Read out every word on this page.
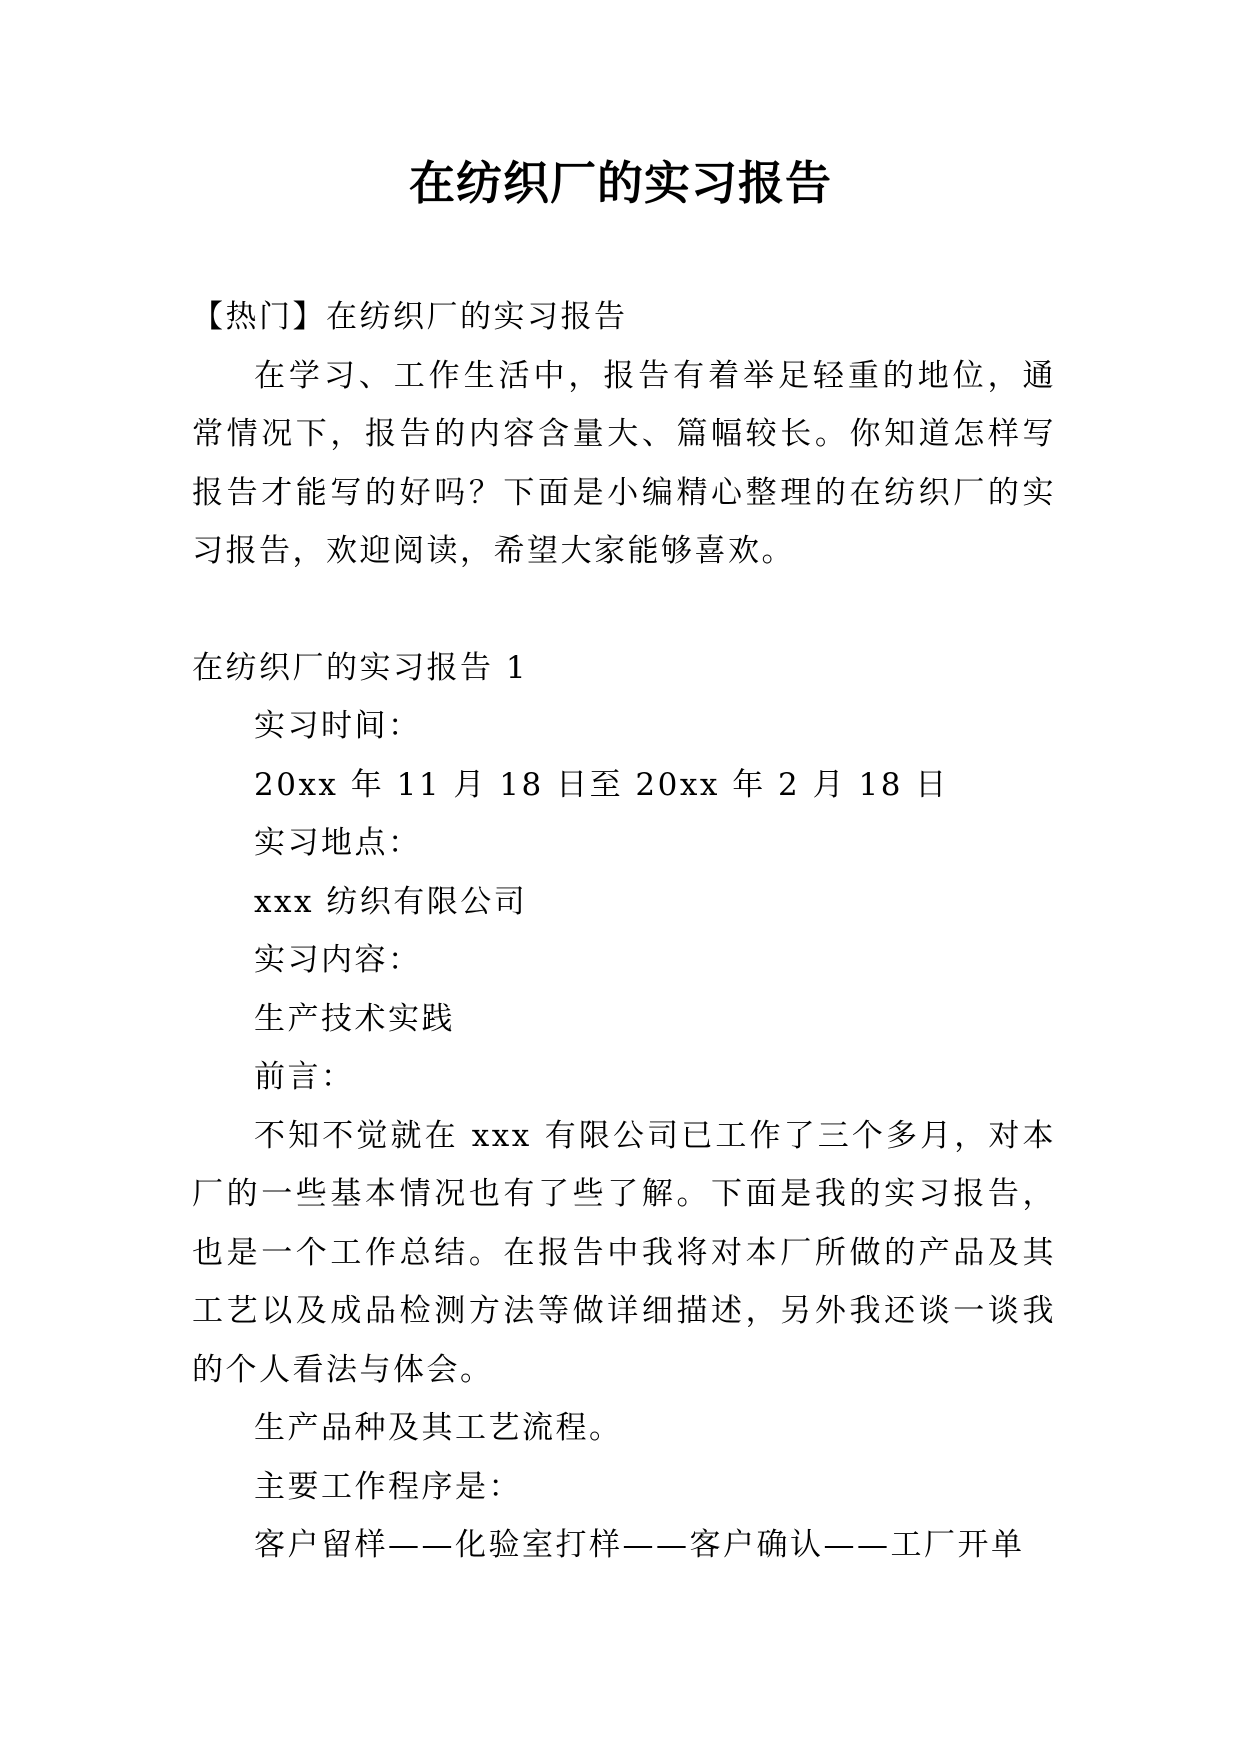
在纺织厂的实习报告

【热门】在纺织厂的实习报告

在学习、工作生活中，报告有着举足轻重的地位，通常情况下，报告的内容含量大、篇幅较长。你知道怎样写报告才能写的好吗？下面是小编精心整理的在纺织厂的实习报告，欢迎阅读，希望大家能够喜欢。

在纺织厂的实习报告 1

实习时间：

20xx 年 11 月 18 日至 20xx 年 2 月 18 日

实习地点：

xxx 纺织有限公司

实习内容：

生产技术实践

前言：

不知不觉就在 xxx 有限公司已工作了三个多月，对本厂的一些基本情况也有了些了解。下面是我的实习报告，也是一个工作总结。在报告中我将对本厂所做的产品及其工艺以及成品检测方法等做详细描述，另外我还谈一谈我的个人看法与体会。

生产品种及其工艺流程。

主要工作程序是：

客户留样——化验室打样——客户确认——工厂开单
